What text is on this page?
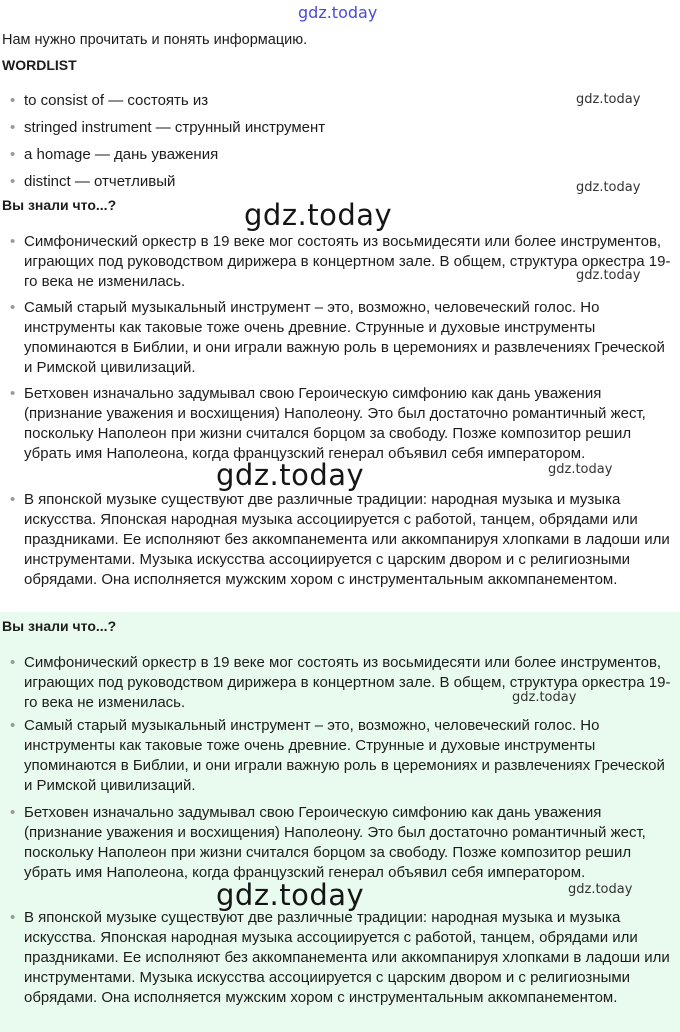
Нам нужно прочитать и понять информацию.
WORDLIST
• to consist of — состоять из
• stringed instrument — струнный инструмент
• a homage — дань уважения
• distinct — отчетливый
Вы знали что...?
• Симфонический оркестр в 19 веке мог состоять из восьмидесяти или более инструментов, играющих под руководством дирижера в концертном зале. В общем, структура оркестра 19-го века не изменилась.
• Самый старый музыкальный инструмент – это, возможно, человеческий голос. Но инструменты как таковые тоже очень древние. Струнные и духовые инструменты упоминаются в Библии, и они играли важную роль в церемониях и развлечениях Греческой и Римской цивилизаций.
• Бетховен изначально задумывал свою Героическую симфонию как дань уважения (признание уважения и восхищения) Наполеону. Это был достаточно романтичный жест, поскольку Наполеон при жизни считался борцом за свободу. Позже композитор решил убрать имя Наполеона, когда французский генерал объявил себя императором.
• В японской музыке существуют две различные традиции: народная музыка и музыка искусства. Японская народная музыка ассоциируется с работой, танцем, обрядами или праздниками. Ее исполняют без аккомпанемента или аккомпанируя хлопками в ладоши или инструментами. Музыка искусства ассоциируется с царским двором и с религиозными обрядами. Она исполняется мужским хором с инструментальным аккомпанементом.
Вы знали что...?
• Симфонический оркестр в 19 веке мог состоять из восьмидесяти или более инструментов, играющих под руководством дирижера в концертном зале. В общем, структура оркестра 19-го века не изменилась.
• Самый старый музыкальный инструмент – это, возможно, человеческий голос. Но инструменты как таковые тоже очень древние. Струнные и духовые инструменты упоминаются в Библии, и они играли важную роль в церемониях и развлечениях Греческой и Римской цивилизаций.
• Бетховен изначально задумывал свою Героическую симфонию как дань уважения (признание уважения и восхищения) Наполеону. Это был достаточно романтичный жест, поскольку Наполеон при жизни считался борцом за свободу. Позже композитор решил убрать имя Наполеона, когда французский генерал объявил себя императором.
• В японской музыке существуют две различные традиции: народная музыка и музыка искусства. Японская народная музыка ассоциируется с работой, танцем, обрядами или праздниками. Ее исполняют без аккомпанемента или аккомпанируя хлопками в ладоши или инструментами. Музыка искусства ассоциируется с царским двором и с религиозными обрядами. Она исполняется мужским хором с инструментальным аккомпанементом.
gdz.today
gdz.today
gdz.today
gdz.today
gdz.today
gdz.today
gdz.today
gdz.today
gdz.today
gdz.today
